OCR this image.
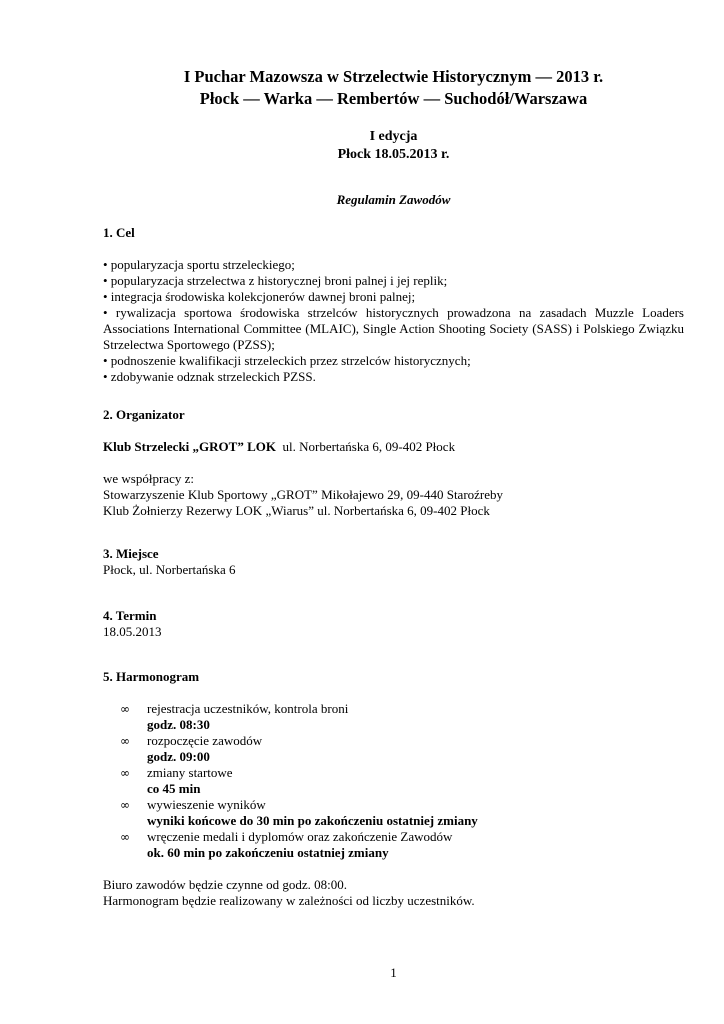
I Puchar Mazowsza w Strzelectwie Historycznym — 2013 r.
Płock — Warka — Rembertów — Suchodół/Warszawa
I edycja
Płock 18.05.2013 r.
Regulamin Zawodów
1. Cel
• popularyzacja sportu strzeleckiego;
• popularyzacja strzelectwa z historycznej broni palnej i jej replik;
• integracja środowiska kolekcjonerów dawnej broni palnej;
• rywalizacja sportowa środowiska strzelców historycznych prowadzona na zasadach Muzzle Loaders Associations International Committee (MLAIC), Single Action Shooting Society (SASS) i Polskiego Związku Strzelectwa Sportowego (PZSS);
• podnoszenie kwalifikacji strzeleckich przez strzelców historycznych;
• zdobywanie odznak strzeleckich PZSS.
2. Organizator
Klub Strzelecki „GROT” LOK ul. Norbertańska 6, 09-402 Płock
we współpracy z:
Stowarzyszenie Klub Sportowy „GROT” Mikołajewo 29, 09-440 Staroźreby
Klub Żołnierzy Rezerwy LOK „Wiarus” ul. Norbertańska 6, 09-402 Płock
3. Miejsce
Płock, ul. Norbertańska 6
4. Termin
18.05.2013
5. Harmonogram
∞ rejestracja uczestników, kontrola broni
godz. 08:30
∞ rozpoczęcie zawodów
godz. 09:00
∞ zmiany startowe
co 45 min
∞ wywieszenie wyników
wyniki końcowe do 30 min po zakończeniu ostatniej zmiany
∞ wręczenie medali i dyplomów oraz zakończenie Zawodów
ok. 60 min po zakończeniu ostatniej zmiany
Biuro zawodów będzie czynne od godz. 08:00.
Harmonogram będzie realizowany w zależności od liczby uczestników.
1
